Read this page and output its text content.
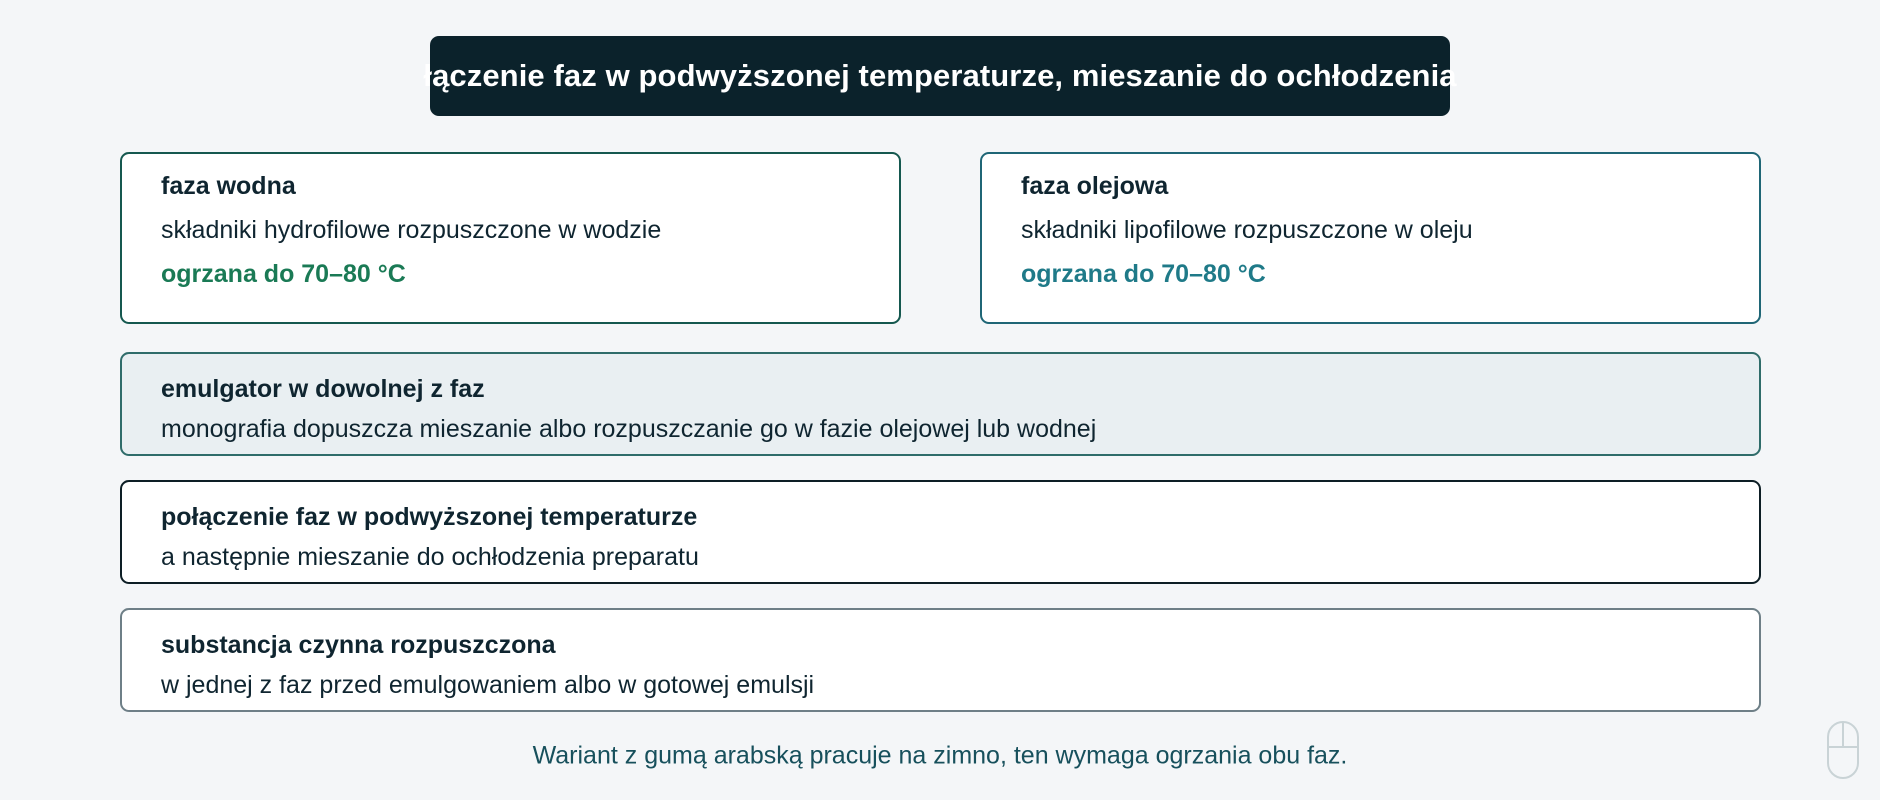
łączenie faz w podwyższonej temperaturze, mieszanie do ochłodzenia
faza wodna
składniki hydrofilowe rozpuszczone w wodzie
ogrzana do 70–80 °C
faza olejowa
składniki lipofilowe rozpuszczone w oleju
ogrzana do 70–80 °C
emulgator w dowolnej z faz
monografia dopuszcza mieszanie albo rozpuszczanie go w fazie olejowej lub wodnej
połączenie faz w podwyższonej temperaturze
a następnie mieszanie do ochłodzenia preparatu
substancja czynna rozpuszczona
w jednej z faz przed emulgowaniem albo w gotowej emulsji
Wariant z gumą arabską pracuje na zimno, ten wymaga ogrzania obu faz.
